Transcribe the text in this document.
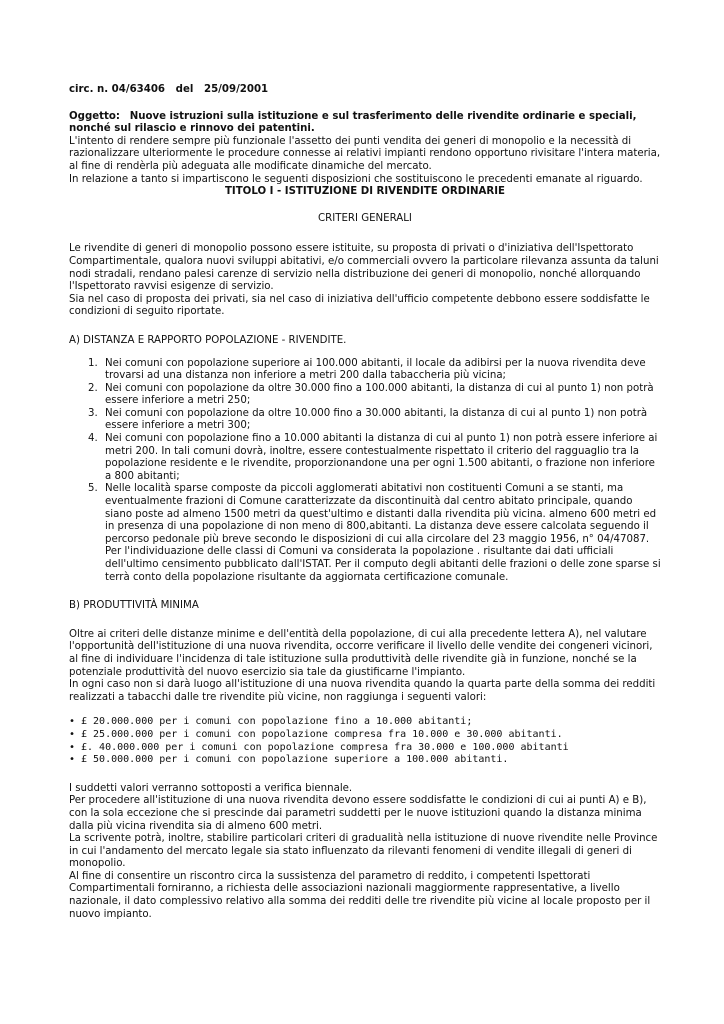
circ. n. 04/63406   del   25/09/2001

Oggetto: Nuove istruzioni sulla istituzione e sul trasferimento delle rivendite ordinarie e speciali, nonché sul rilascio e rinnovo dei patentini.

L'intento di rendere sempre più funzionale l'assetto dei punti vendita dei generi di monopolio e la necessità di razionalizzare ulteriormente le procedure connesse ai relativi impianti rendono opportuno rivisitare l'intera materia, al fine di rendèrla più adeguata alle modificate dinamiche del mercato.

In relazione a tanto si impartiscono le seguenti disposizioni che sostituiscono le precedenti emanate al riguardo.

TITOLO I - ISTITUZIONE DI RIVENDITE ORDINARIE

CRITERI GENERALI

Le rivendite di generi di monopolio possono essere istituite, su proposta di privati o d'iniziativa dell'Ispettorato Compartimentale, qualora nuovi sviluppi abitativi, e/o commerciali ovvero la particolare rilevanza assunta da taluni nodi stradali, rendano palesi carenze di servizio nella distribuzione dei generi di monopolio, nonché allorquando l'Ispettorato ravvisi esigenze di servizio.

Sia nel caso di proposta dei privati, sia nel caso di iniziativa dell'ufficio competente debbono essere soddisfatte le condizioni di seguito riportate.

A) DISTANZA E RAPPORTO POPOLAZIONE - RIVENDITE.

1. Nei comuni con popolazione superiore ai 100.000 abitanti, il locale da adibirsi per la nuova rivendita deve trovarsi ad una distanza non inferiore a metri 200 dalla tabaccheria più vicina;
2. Nei comuni con popolazione da oltre 30.000 fino a 100.000 abitanti, la distanza di cui al punto 1) non potrà essere inferiore a metri 250;
3. Nei comuni con popolazione da oltre 10.000 fino a 30.000 abitanti, la distanza di cui al punto 1) non potrà essere inferiore a metri 300;
4. Nei comuni con popolazione fino a 10.000 abitanti la distanza di cui al punto 1) non potrà essere inferiore ai metri 200. In tali comuni dovrà, inoltre, essere contestualmente rispettato il criterio del ragguaglio tra la popolazione residente e le rivendite, proporzionandone una per ogni 1.500 abitanti, o frazione non inferiore a 800 abitanti;
5. Nelle località sparse composte da piccoli agglomerati abitativi non costituenti Comuni a se stanti, ma eventualmente frazioni di Comune caratterizzate da discontinuità dal centro abitato principale, quando siano poste ad almeno 1500 metri da quest'ultimo e distanti dalla rivendita più vicina. almeno 600 metri ed in presenza di una popolazione di non meno di 800,abitanti. La distanza deve essere calcolata seguendo il percorso pedonale più breve secondo le disposizioni di cui alla circolare del 23 maggio 1956, n° 04/47087. Per l'individuazione delle classi di Comuni va considerata la popolazione . risultante dai dati ufficiali dell'ultimo censimento pubblicato dall'ISTAT. Per il computo degli abitanti delle frazioni o delle zone sparse si terrà conto della popolazione risultante da aggiornata certificazione comunale.

B) PRODUTTIVITÀ MINIMA

Oltre ai criteri delle distanze minime e dell'entità della popolazione, di cui alla precedente lettera A), nel valutare l'opportunità dell'istituzione di una nuova rivendita, occorre verificare il livello delle vendite dei congeneri vicinori, al fine di individuare l'incidenza di tale istituzione sulla produttività delle rivendite già in funzione, nonché se la potenziale produttività del nuovo esercizio sia tale da giustificarne l'impianto.

In ogni caso non si darà luogo all'istituzione di una nuova rivendita quando la quarta parte della somma dei redditi realizzati a tabacchi dalle tre rivendite più vicine, non raggiunga i seguenti valori:

• £ 20.000.000 per i comuni con popolazione fino a 10.000 abitanti;
• £ 25.000.000 per i comuni con popolazione compresa fra 10.000 e 30.000 abitanti.
• £. 40.000.000 per i comuni con popolazione compresa fra 30.000 e 100.000 abitanti
• £ 50.000.000 per i comuni con popolazione superiore a 100.000 abitanti.

I suddetti valori verranno sottoposti a verifica biennale.

Per procedere all'istituzione di una nuova rivendita devono essere soddisfatte le condizioni di cui ai punti A) e B), con la sola eccezione che si prescinde dai parametri suddetti per le nuove istituzioni quando la distanza minima dalla più vicina rivendita sia di almeno 600 metri.

La scrivente potrà, inoltre, stabilire particolari criteri di gradualità nella istituzione di nuove rivendite nelle Province in cui l'andamento del mercato legale sia stato influenzato da rilevanti fenomeni di vendite illegali di generi di monopolio.

Al fine di consentire un riscontro circa la sussistenza del parametro di reddito, i competenti Ispettorati Compartimentali forniranno, a richiesta delle associazioni nazionali maggiormente rappresentative, a livello nazionale, il dato complessivo relativo alla somma dei redditi delle tre rivendite più vicine al locale proposto per il nuovo impianto.
